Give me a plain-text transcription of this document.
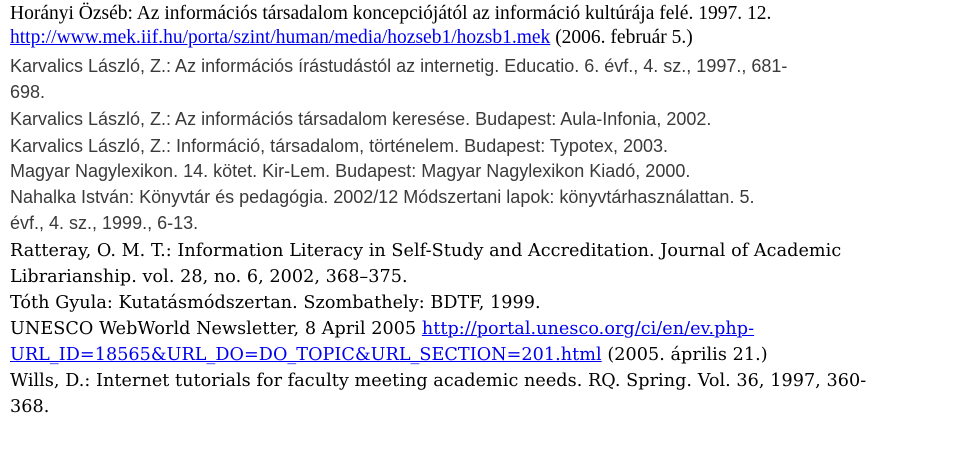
Horányi Özséb: Az információs társadalom koncepciójától az információ kultúrája felé. 1997. 12.
http://www.mek.iif.hu/porta/szint/human/media/hozseb1/hozsb1.mek (2006. február 5.)
Karvalics László, Z.: Az információs írástudástól az internetig. Educatio. 6. évf., 4. sz., 1997., 681-
698.
Karvalics László, Z.: Az információs társadalom keresése. Budapest: Aula-Infonia, 2002.
Karvalics László, Z.: Információ, társadalom, történelem. Budapest: Typotex, 2003.
Magyar Nagylexikon. 14. kötet. Kir-Lem. Budapest: Magyar Nagylexikon Kiadó, 2000.
Nahalka István: Könyvtár és pedagógia. 2002/12 Módszertani lapok: könyvtárhasználattan. 5.
évf., 4. sz., 1999., 6-13.
Ratteray, O. M. T.: Information Literacy in Self-Study and Accreditation. Journal of Academic
Librarianship. vol. 28, no. 6, 2002, 368–375.
Tóth Gyula: Kutatásmódszertan. Szombathely: BDTF, 1999.
UNESCO WebWorld Newsletter, 8 April 2005 http://portal.unesco.org/ci/en/ev.php-
URL_ID=18565&URL_DO=DO_TOPIC&URL_SECTION=201.html (2005. április 21.)
Wills, D.: Internet tutorials for faculty meeting academic needs. RQ. Spring. Vol. 36, 1997, 360-
368.
